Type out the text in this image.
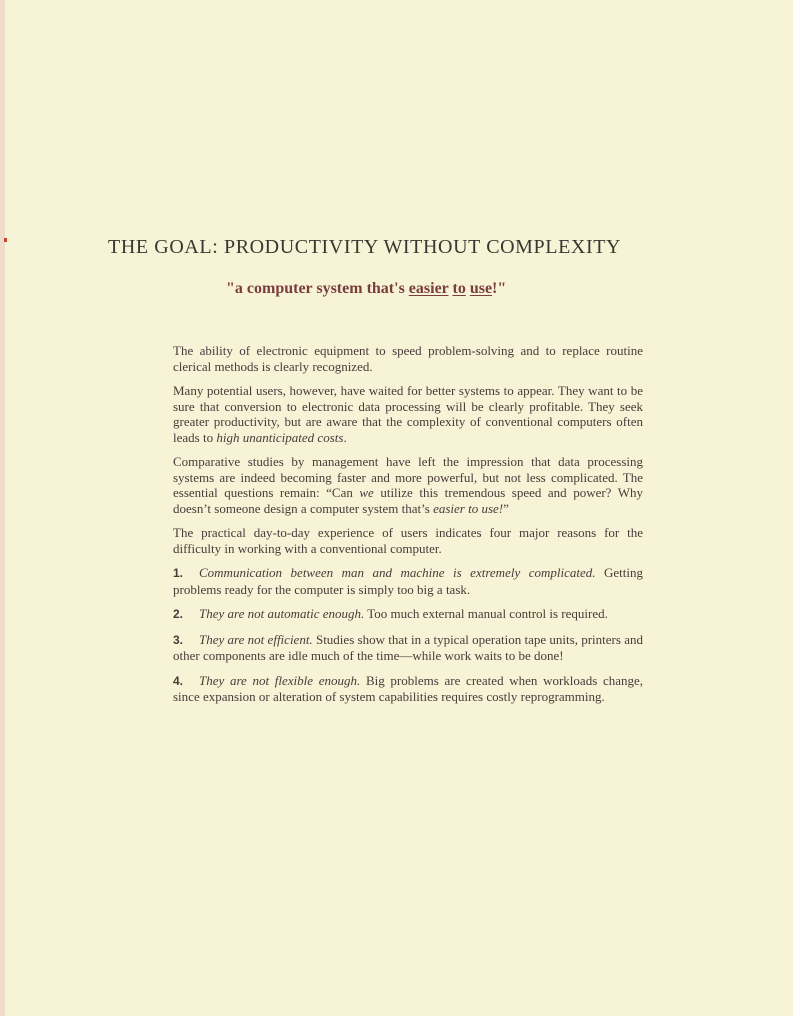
THE GOAL: PRODUCTIVITY WITHOUT COMPLEXITY
"a computer system that's easier to use!"

The ability of electronic equipment to speed problem-solving and to replace routine clerical methods is clearly recognized.

Many potential users, however, have waited for better systems to appear. They want to be sure that conversion to electronic data processing will be clearly profitable. They seek greater productivity, but are aware that the complexity of conventional computers often leads to high unanticipated costs.

Comparative studies by management have left the impression that data processing systems are indeed becoming faster and more powerful, but not less complicated. The essential questions remain: “Can we utilize this tremendous speed and power? Why doesn’t someone design a computer system that’s easier to use!”

The practical day-to-day experience of users indicates four major reasons for the difficulty in working with a conventional computer.

1. Communication between man and machine is extremely complicated. Getting problems ready for the computer is simply too big a task.

2. They are not automatic enough. Too much external manual control is required.

3. They are not efficient. Studies show that in a typical operation tape units, printers and other components are idle much of the time—while work waits to be done!

4. They are not flexible enough. Big problems are created when workloads change, since expansion or alteration of system capabilities requires costly reprogramming.
